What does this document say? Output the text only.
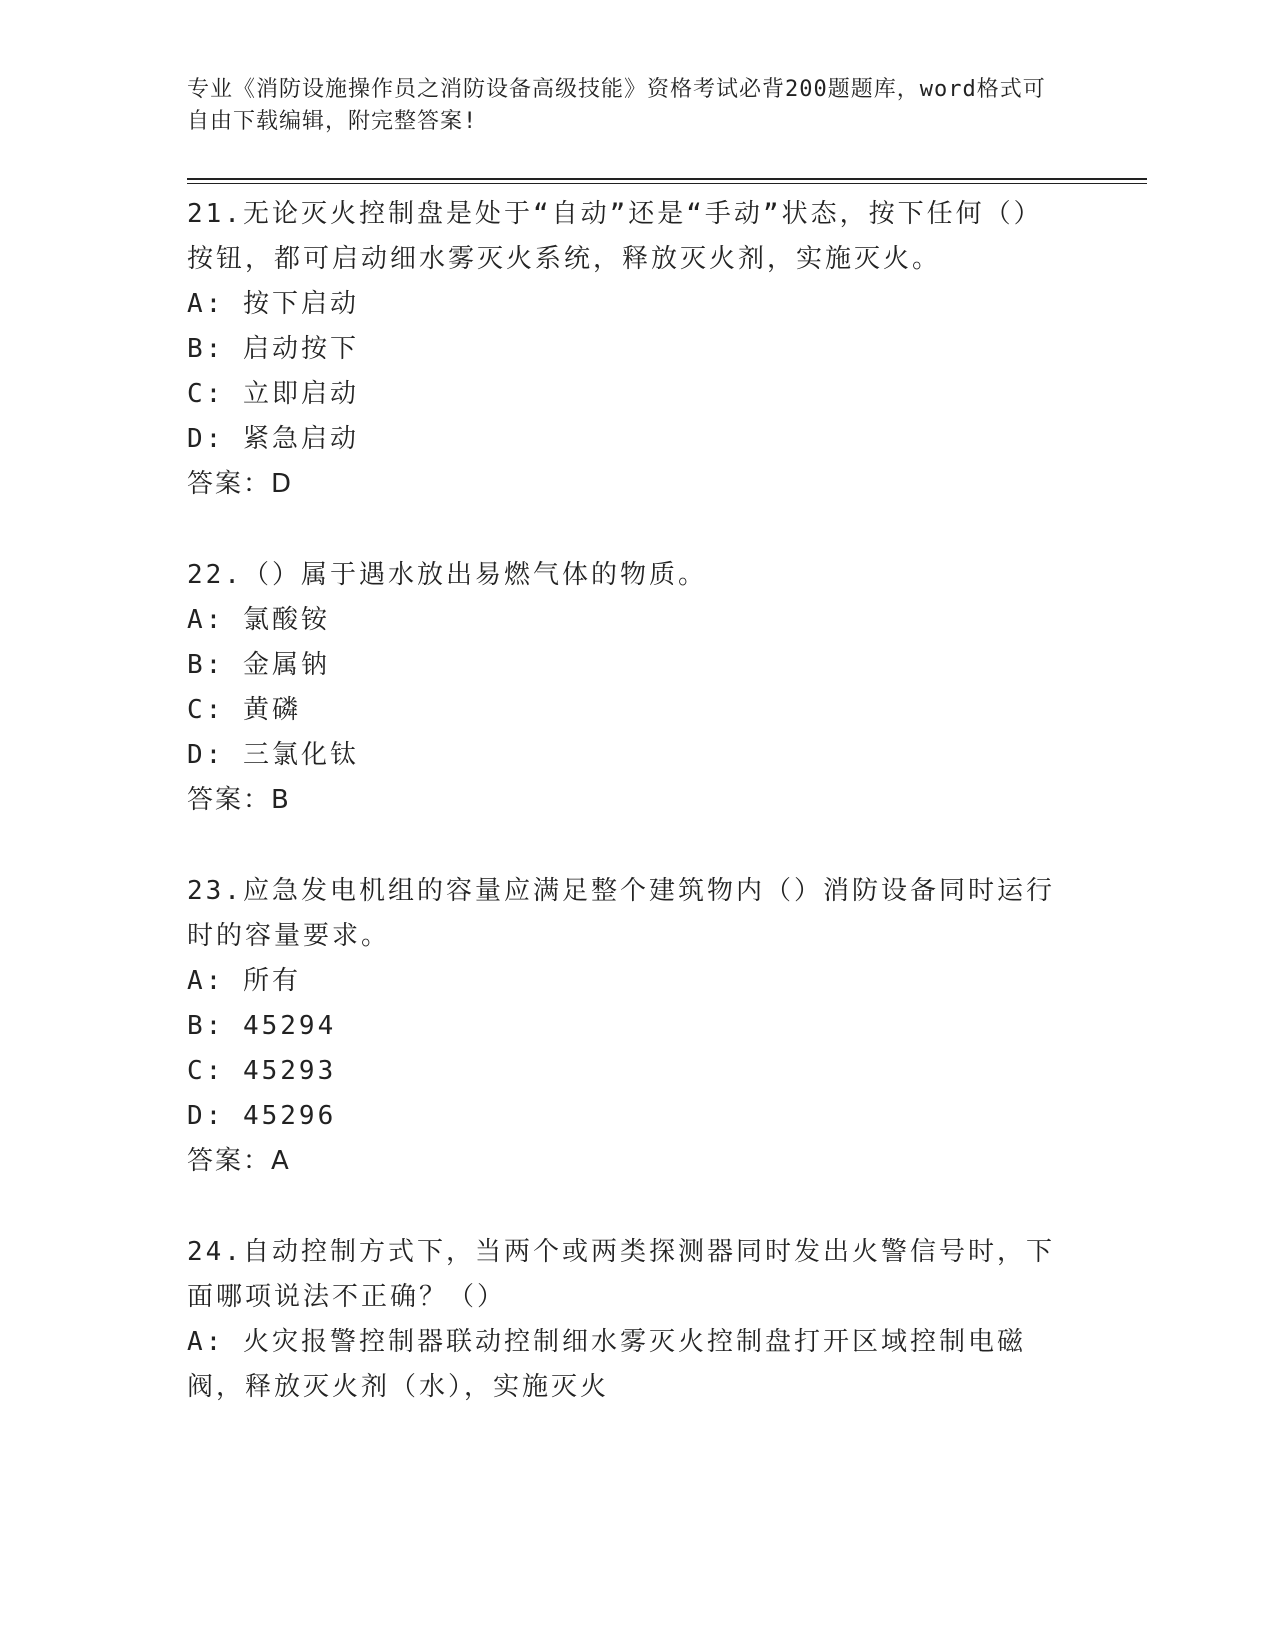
专业《消防设施操作员之消防设备高级技能》资格考试必背200题题库，word格式可自由下载编辑，附完整答案!

21.无论灭火控制盘是处于“自动”还是“手动”状态，按下任何（）按钮，都可启动细水雾灭火系统，释放灭火剂，实施灭火。

A: 按下启动

B: 启动按下

C: 立即启动

D: 紧急启动

答案：D

22.（）属于遇水放出易燃气体的物质。

A: 氯酸铵

B: 金属钠

C: 黄磷

D: 三氯化钛

答案：B

23.应急发电机组的容量应满足整个建筑物内（）消防设备同时运行时的容量要求。

A: 所有

B: 45294

C: 45293

D: 45296

答案：A

24.自动控制方式下，当两个或两类探测器同时发出火警信号时，下面哪项说法不正确？（）

A: 火灾报警控制器联动控制细水雾灭火控制盘打开区域控制电磁阀，释放灭火剂（水），实施灭火
